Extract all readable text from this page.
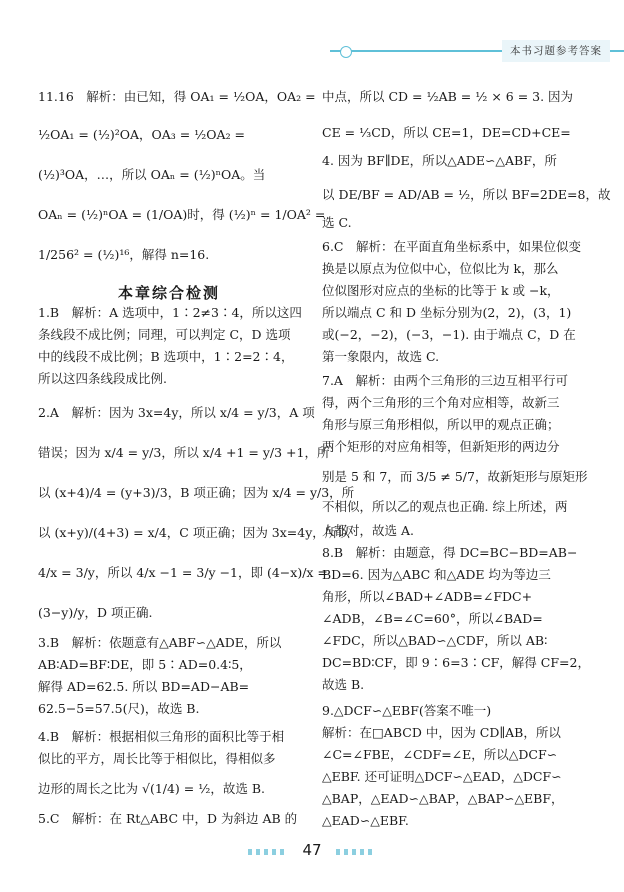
本书习题参考答案
11.16　解析：由已知，得 OA₁ = ½OA，OA₂ =
½OA₁ = (½)²OA，OA₃ = ½OA₂ =
(½)³OA，…，所以 OAₙ = (½)ⁿOA。当
OAₙ = (½)ⁿOA = (1/OA)时，得 (½)ⁿ = 1/OA² =
1/256² = (½)¹⁶，解得 n=16.
1.B　解析：A 选项中，1∶2≠3∶4，所以这四
条线段不成比例；同理，可以判定 C，D 选项
中的线段不成比例；B 选项中，1∶2=2∶4，
所以这四条线段成比例.
2.A　解析：因为 3x=4y，所以 x/4 = y/3，A 项
错误；因为 x/4 = y/3，所以 x/4 +1 = y/3 +1，所
以 (x+4)/4 = (y+3)/3，B 项正确；因为 x/4 = y/3，所
以 (x+y)/(4+3) = x/4，C 项正确；因为 3x=4y，所以
4/x = 3/y，所以 4/x −1 = 3/y −1，即 (4−x)/x =
(3−y)/y，D 项正确.
3.B　解析：依题意有△ABF∽△ADE，所以
AB∶AD=BF∶DE，即 5∶AD=0.4∶5，
解得 AD=62.5. 所以 BD=AD−AB=
62.5−5=57.5(尺)，故选 B.
4.B　解析：根据相似三角形的面积比等于相
似比的平方，周长比等于相似比，得相似多
边形的周长之比为 √(1/4) = ½，故选 B.
5.C　解析：在 Rt△ABC 中，D 为斜边 AB 的
本章综合检测
中点，所以 CD = ½AB = ½ × 6 = 3. 因为
CE = ⅓CD，所以 CE=1，DE=CD+CE=
4. 因为 BF∥DE，所以△ADE∽△ABF，所
以 DE/BF = AD/AB = ½，所以 BF=2DE=8，故
选 C.
6.C　解析：在平面直角坐标系中，如果位似变
换是以原点为位似中心，位似比为 k，那么
位似图形对应点的坐标的比等于 k 或 −k，
所以端点 C 和 D 坐标分别为(2，2)，(3，1)
或(−2，−2)，(−3，−1). 由于端点 C，D 在
第一象限内，故选 C.
7.A　解析：由两个三角形的三边互相平行可
得，两个三角形的三个角对应相等，故新三
角形与原三角形相似，所以甲的观点正确；
两个矩形的对应角相等，但新矩形的两边分
别是 5 和 7，而 3/5 ≠ 5/7，故新矩形与原矩形
不相似，所以乙的观点也正确. 综上所述，两
人都对，故选 A.
8.B　解析：由题意，得 DC=BC−BD=AB−
BD=6. 因为△ABC 和△ADE 均为等边三
角形，所以∠BAD+∠ADB=∠FDC+
∠ADB，∠B=∠C=60°，所以∠BAD=
∠FDC，所以△BAD∽△CDF，所以 AB∶
DC=BD∶CF，即 9∶6=3∶CF，解得 CF=2，
故选 B.
9.△DCF∽△EBF(答案不唯一)
解析：在□ABCD 中，因为 CD∥AB，所以
∠C=∠FBE，∠CDF=∠E，所以△DCF∽
△EBF. 还可证明△DCF∽△EAD，△DCF∽
△BAP，△EAD∽△BAP，△BAP∽△EBF，
△EAD∽△EBF.
47
